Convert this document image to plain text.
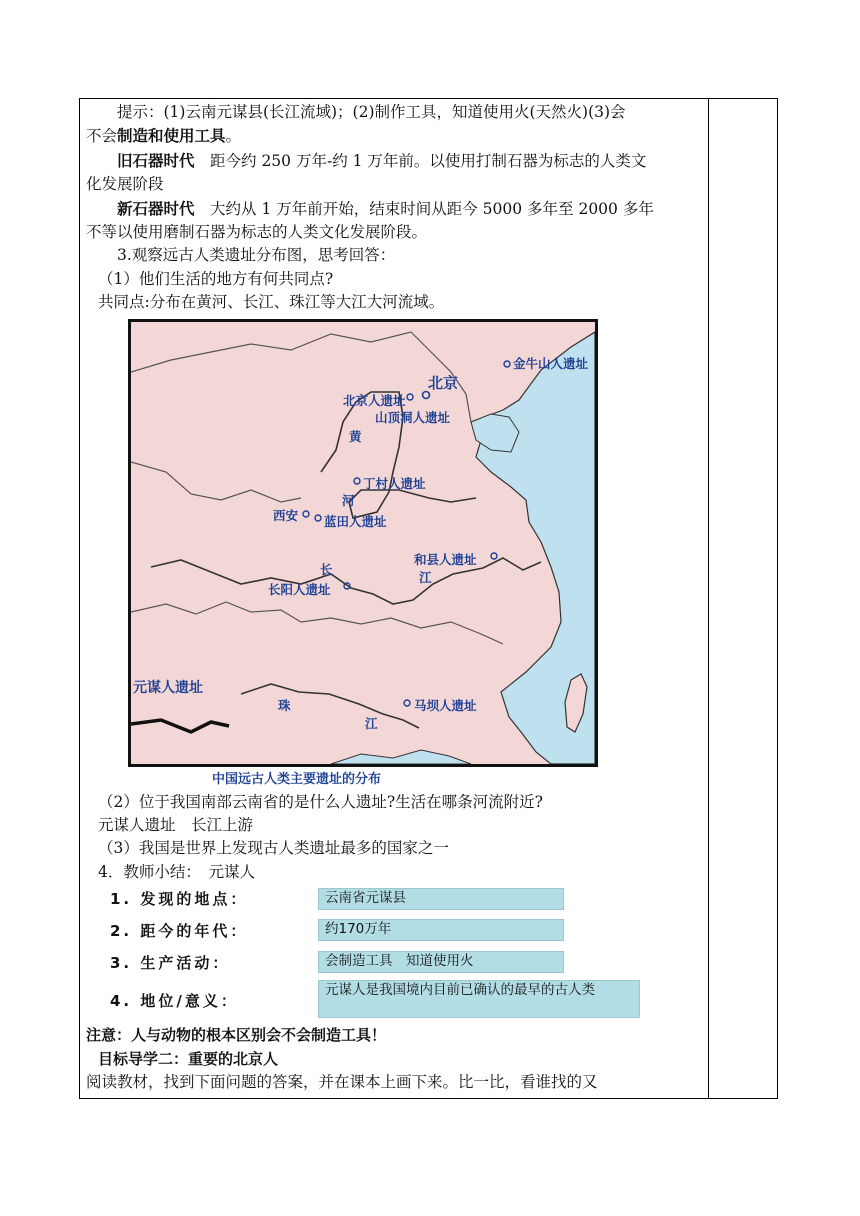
提示：(1)云南元谋县(长江流域)；(2)制作工具，知道使用火(天然火)(3)会

不会制造和使用工具。

旧石器时代　距今约 250 万年-约 1 万年前。以使用打制石器为标志的人类文

化发展阶段

新石器时代　大约从 1 万年前开始，结束时间从距今 5000 多年至 2000 多年

不等以使用磨制石器为标志的人类文化发展阶段。

3.观察远古人类遗址分布图，思考回答：

（1）他们生活的地方有何共同点?

共同点:分布在黄河、长江、珠江等大江大河流域。

北京
金牛山人遗址
北京人遗址
山顶洞人遗址
黄
丁村人遗址
河
西安 蓝田人遗址
和县人遗址
长
江
长阳人遗址
元谋人遗址
珠
江
马坝人遗址
中国远古人类主要遗址的分布

（2）位于我国南部云南省的是什么人遗址?生活在哪条河流附近?

元谋人遗址　长江上游

（3）我国是世界上发现古人类遗址最多的国家之一

4．教师小结：　元谋人

1. 发现的地点：	云南省元谋县
2. 距今的年代：	约170万年
3. 生产活动：	会制造工具　知道使用火
4. 地位/意义：
元谋人是我国境内目前已确认的最早的古人类

注意：人与动物的根本区别会不会制造工具！

目标导学二：重要的北京人

阅读教材，找到下面问题的答案，并在课本上画下来。比一比，看谁找的又
